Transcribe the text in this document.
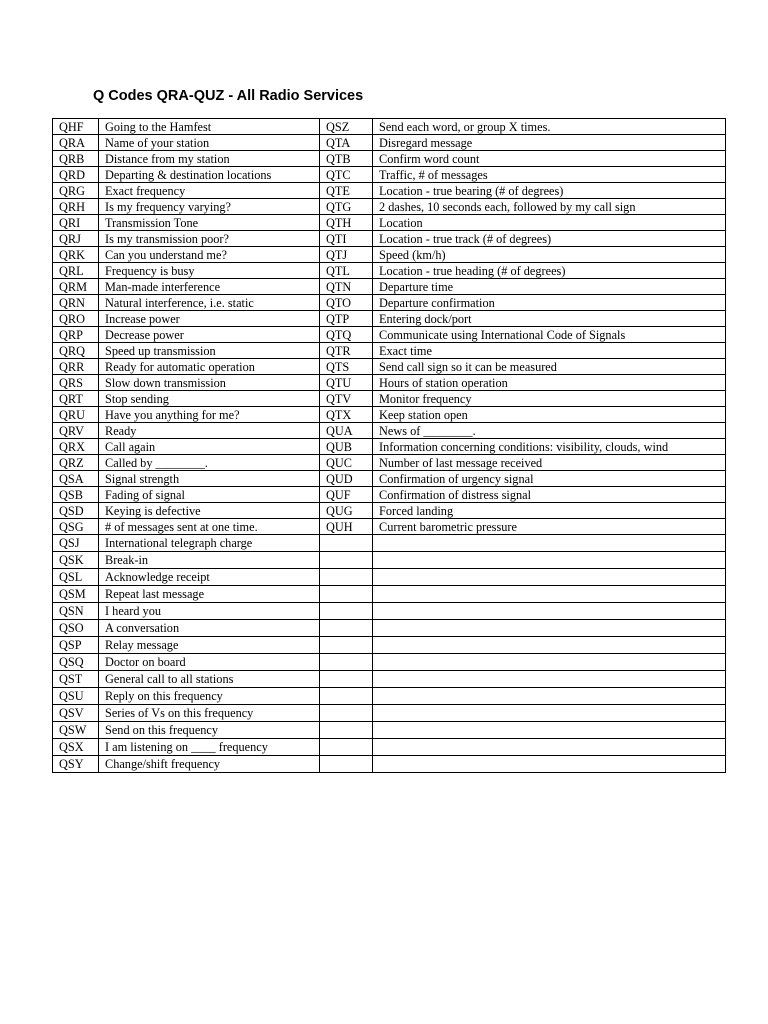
Q Codes QRA-QUZ - All Radio Services
QHF	Going to the Hamfest	QSZ	Send each word, or group X times.
QRA	Name of your station	QTA	Disregard message
QRB	Distance from my station	QTB	Confirm word count
QRD	Departing & destination locations	QTC	Traffic, # of messages
QRG	Exact frequency	QTE	Location - true bearing (# of degrees)
QRH	Is my frequency varying?	QTG	2 dashes, 10 seconds each, followed by my call sign
QRI	Transmission Tone	QTH	Location
QRJ	Is my transmission poor?	QTI	Location - true track (# of degrees)
QRK	Can you understand me?	QTJ	Speed (km/h)
QRL	Frequency is busy	QTL	Location - true heading (# of degrees)
QRM	Man-made interference	QTN	Departure time
QRN	Natural interference, i.e. static	QTO	Departure confirmation
QRO	Increase power	QTP	Entering dock/port
QRP	Decrease power	QTQ	Communicate using International Code of Signals
QRQ	Speed up transmission	QTR	Exact time
QRR	Ready for automatic operation	QTS	Send call sign so it can be measured
QRS	Slow down transmission	QTU	Hours of station operation
QRT	Stop sending	QTV	Monitor frequency
QRU	Have you anything for me?	QTX	Keep station open
QRV	Ready	QUA	News of ________.
QRX	Call again	QUB	Information concerning conditions: visibility, clouds, wind
QRZ	Called by ________.	QUC	Number of last message received
QSA	Signal strength	QUD	Confirmation of urgency signal
QSB	Fading of signal	QUF	Confirmation of distress signal
QSD	Keying is defective	QUG	Forced landing
QSG	# of messages sent at one time.	QUH	Current barometric pressure
QSJ	International telegraph charge		
QSK	Break-in		
QSL	Acknowledge receipt		
QSM	Repeat last message		
QSN	I heard you		
QSO	A conversation		
QSP	Relay message		
QSQ	Doctor on board		
QST	General call to all stations		
QSU	Reply on this frequency		
QSV	Series of Vs on this frequency		
QSW	Send on this frequency		
QSX	I am listening on ____ frequency		
QSY	Change/shift frequency		
